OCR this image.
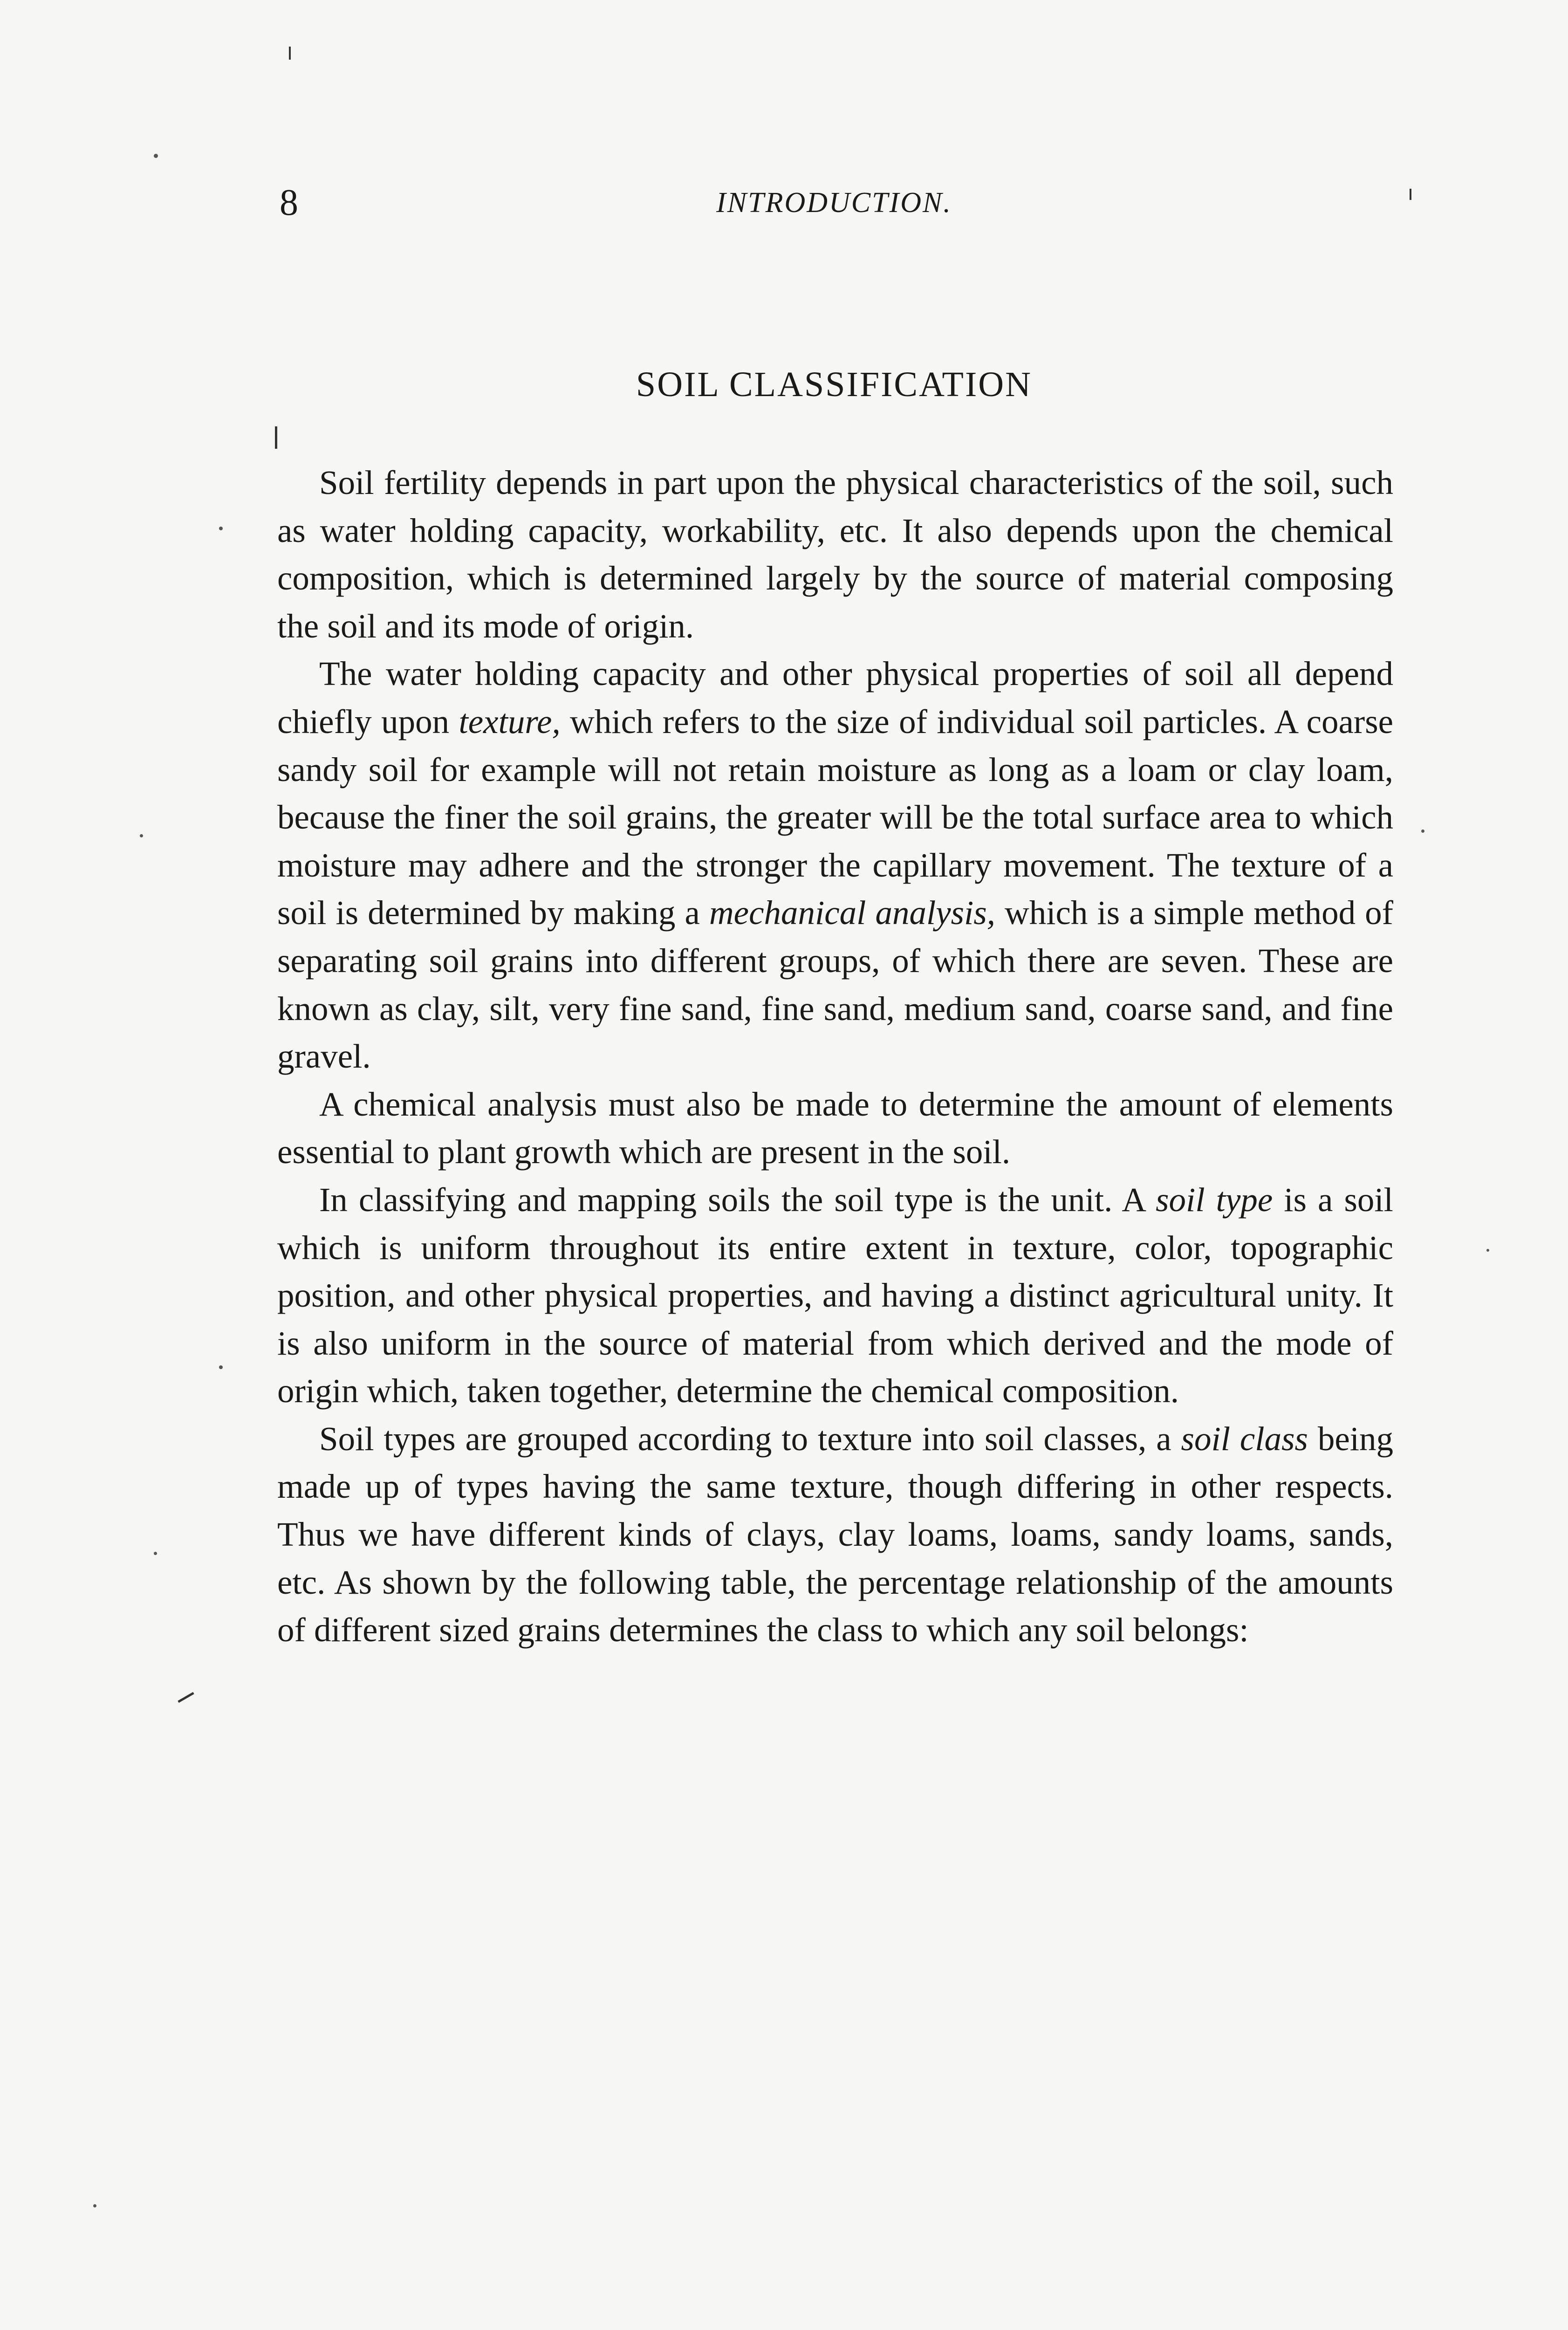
8	INTRODUCTION.
SOIL CLASSIFICATION

Soil fertility depends in part upon the physical characteristics of the soil, such as water holding capacity, workability, etc. It also depends upon the chemical composition, which is determined largely by the source of material composing the soil and its mode of origin.

The water holding capacity and other physical properties of soil all depend chiefly upon texture, which refers to the size of individual soil particles. A coarse sandy soil for example will not retain moisture as long as a loam or clay loam, because the finer the soil grains, the greater will be the total surface area to which moisture may adhere and the stronger the capillary movement. The texture of a soil is determined by making a mechanical analysis, which is a simple method of separating soil grains into different groups, of which there are seven. These are known as clay, silt, very fine sand, fine sand, medium sand, coarse sand, and fine gravel.

A chemical analysis must also be made to determine the amount of elements essential to plant growth which are present in the soil.

In classifying and mapping soils the soil type is the unit. A soil type is a soil which is uniform throughout its entire extent in texture, color, topographic position, and other physical properties, and having a distinct agricultural unity. It is also uniform in the source of material from which derived and the mode of origin which, taken together, determine the chemical composition.

Soil types are grouped according to texture into soil classes, a soil class being made up of types having the same texture, though differing in other respects. Thus we have different kinds of clays, clay loams, loams, sandy loams, sands, etc. As shown by the following table, the percentage relationship of the amounts of different sized grains determines the class to which any soil belongs:
